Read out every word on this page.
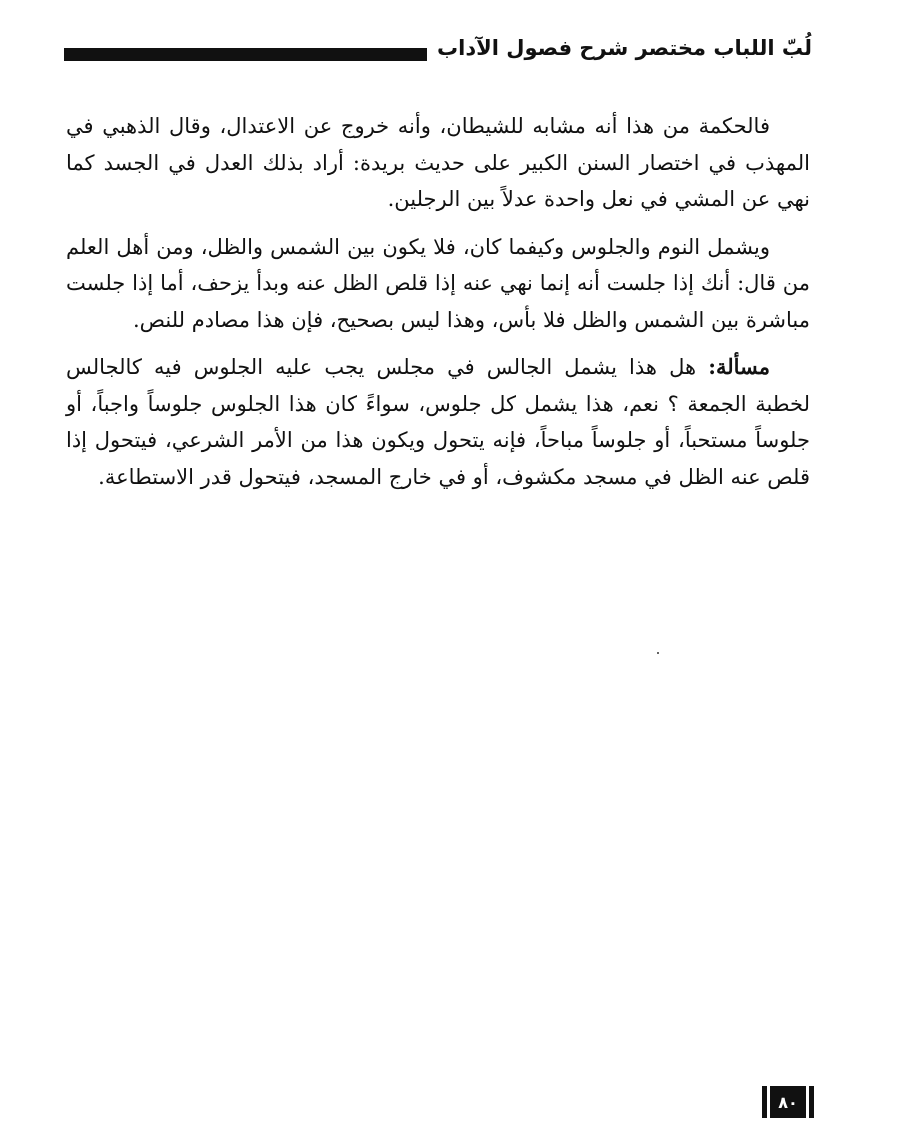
لُبّ اللباب مختصر شرح فصول الآداب

فالحكمة من هذا أنه مشابه للشيطان، وأنه خروج عن الاعتدال، وقال الذهبي في المهذب في اختصار السنن الكبير على حديث بريدة: أراد بذلك العدل في الجسد كما نهي عن المشي في نعل واحدة عدلاً بين الرجلين.

ويشمل النوم والجلوس وكيفما كان، فلا يكون بين الشمس والظل، ومن أهل العلم من قال: أنك إذا جلست أنه إنما نهي عنه إذا قلص الظل عنه وبدأ يزحف، أما إذا جلست مباشرة بين الشمس والظل فلا بأس، وهذا ليس بصحيح، فإن هذا مصادم للنص.

مسألة: هل هذا يشمل الجالس في مجلس يجب عليه الجلوس فيه كالجالس لخطبة الجمعة ؟ نعم، هذا يشمل كل جلوس، سواءً كان هذا الجلوس جلوساً واجباً، أو جلوساً مستحباً، أو جلوساً مباحاً، فإنه يتحول ويكون هذا من الأمر الشرعي، فيتحول إذا قلص عنه الظل في مسجد مكشوف، أو في خارج المسجد، فيتحول قدر الاستطاعة.

٨٠
